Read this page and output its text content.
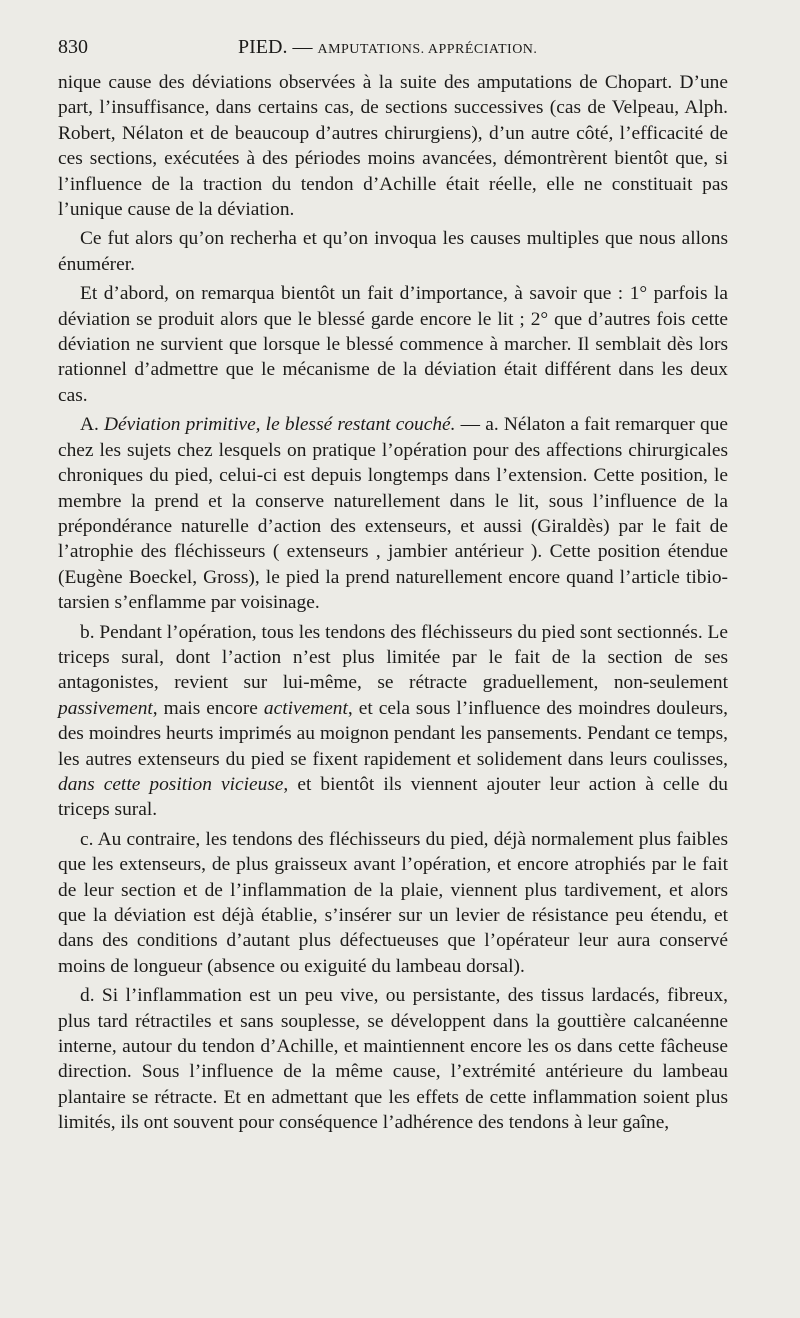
830	PIED. — AMPUTATIONS. APPRÉCIATION.

nique cause des déviations observées à la suite des amputations de Chopart. D’une part, l’insuffisance, dans certains cas, de sections successives (cas de Velpeau, Alph. Robert, Nélaton et de beaucoup d’autres chirurgiens), d’un autre côté, l’efficacité de ces sections, exécutées à des périodes moins avancées, démontrèrent bientôt que, si l’influence de la traction du tendon d’Achille était réelle, elle ne constituait pas l’unique cause de la déviation.

Ce fut alors qu’on recherha et qu’on invoqua les causes multiples que nous allons énumérer.

Et d’abord, on remarqua bientôt un fait d’importance, à savoir que : 1° parfois la déviation se produit alors que le blessé garde encore le lit ; 2° que d’autres fois cette déviation ne survient que lorsque le blessé commence à marcher. Il semblait dès lors rationnel d’admettre que le mécanisme de la déviation était différent dans les deux cas.

A. Déviation primitive, le blessé restant couché. — a. Nélaton a fait remarquer que chez les sujets chez lesquels on pratique l’opération pour des affections chirurgicales chroniques du pied, celui-ci est depuis longtemps dans l’extension. Cette position, le membre la prend et la conserve naturellement dans le lit, sous l’influence de la prépondérance naturelle d’action des extenseurs, et aussi (Giraldès) par le fait de l’atrophie des fléchisseurs ( extenseurs , jambier antérieur ). Cette position étendue (Eugène Boeckel, Gross), le pied la prend naturellement encore quand l’article tibio-tarsien s’enflamme par voisinage.

b. Pendant l’opération, tous les tendons des fléchisseurs du pied sont sectionnés. Le triceps sural, dont l’action n’est plus limitée par le fait de la section de ses antagonistes, revient sur lui-même, se rétracte graduellement, non-seulement passivement, mais encore activement, et cela sous l’influence des moindres douleurs, des moindres heurts imprimés au moignon pendant les pansements. Pendant ce temps, les autres extenseurs du pied se fixent rapidement et solidement dans leurs coulisses, dans cette position vicieuse, et bientôt ils viennent ajouter leur action à celle du triceps sural.

c. Au contraire, les tendons des fléchisseurs du pied, déjà normalement plus faibles que les extenseurs, de plus graisseux avant l’opération, et encore atrophiés par le fait de leur section et de l’inflammation de la plaie, viennent plus tardivement, et alors que la déviation est déjà établie, s’insérer sur un levier de résistance peu étendu, et dans des conditions d’autant plus défectueuses que l’opérateur leur aura conservé moins de longueur (absence ou exiguité du lambeau dorsal).

d. Si l’inflammation est un peu vive, ou persistante, des tissus lardacés, fibreux, plus tard rétractiles et sans souplesse, se développent dans la gouttière calcanéenne interne, autour du tendon d’Achille, et maintiennent encore les os dans cette fâcheuse direction. Sous l’influence de la même cause, l’extrémité antérieure du lambeau plantaire se rétracte. Et en admettant que les effets de cette inflammation soient plus limités, ils ont souvent pour conséquence l’adhérence des tendons à leur gaîne,
